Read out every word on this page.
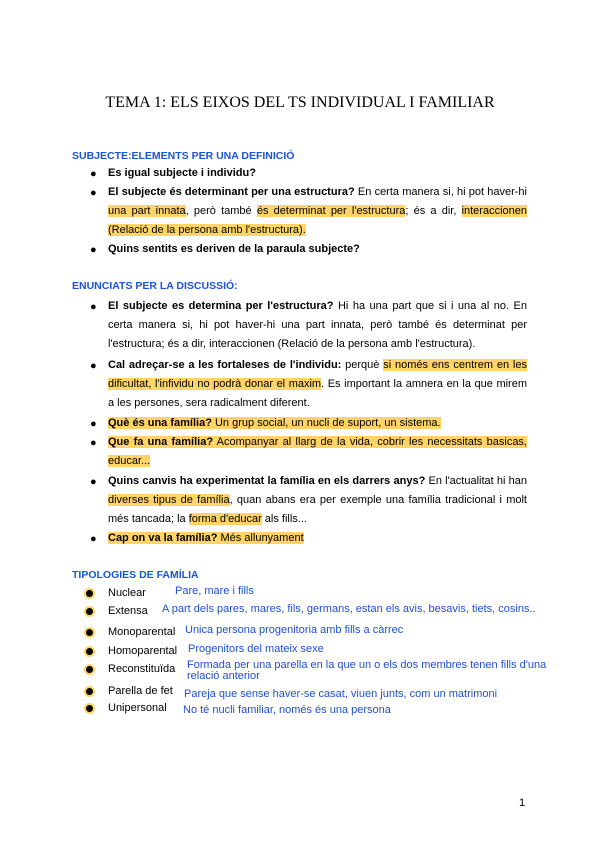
TEMA 1: ELS EIXOS DEL TS INDIVIDUAL I FAMILIAR
SUBJECTE:ELEMENTS PER UNA DEFINICIÓ
● Es igual subjecte i individu?
● El subjecte és determinant per una estructura? En certa manera si, hi pot haver-hi una part innata, però també és determinat per l'estructura; és a dir, interaccionen (Relació de la persona amb l'estructura).
● Quins sentits es deriven de la paraula subjecte?
ENUNCIATS PER LA DISCUSSIÓ:
● El subjecte es determina per l'estructura? Hi ha una part que si i una al no. En certa manera si, hi pot haver-hi una part innata, però també és determinat per l'estructura; és a dir, interaccionen (Relació de la persona amb l'estructura).
● Cal adreçar-se a les fortaleses de l'individu: perquè si només ens centrem en les dificultat, l'infividu no podrà donar el maxim. Es important la amnera en la que mirem a les persones, sera radicalment diferent.
● Què és una família? Un grup social, un nucli de suport, un sistema.
● Que fa una família? Acompanyar al llarg de la vida, cobrir les necessitats basicas, educar...
● Quins canvis ha experimentat la família en els darrers anys? En l'actualitat hi han diverses tipus de família, quan abans era per exemple una família tradicional i molt més tancada; la forma d'educar als fills...
● Cap on va la família? Més allunyament
TIPOLOGIES DE FAMÍLIA
Nuclear	Pare, mare i fills
Extensa A part dels pares, mares, fils, germans, estan els avis, besavis, tiets, cosins..
Monoparental Unica persona progenitoria amb fills a càrrec
Homoparental Progenitors del mateix sexe
Reconstituïda Formada per una parella en la que un o els dos membres tenen fills d'una relació anterior
Parella de fet Pareja que sense haver-se casat, viuen junts, com un matrimoni
Unipersonal No té nucli familiar, només és una persona
1
